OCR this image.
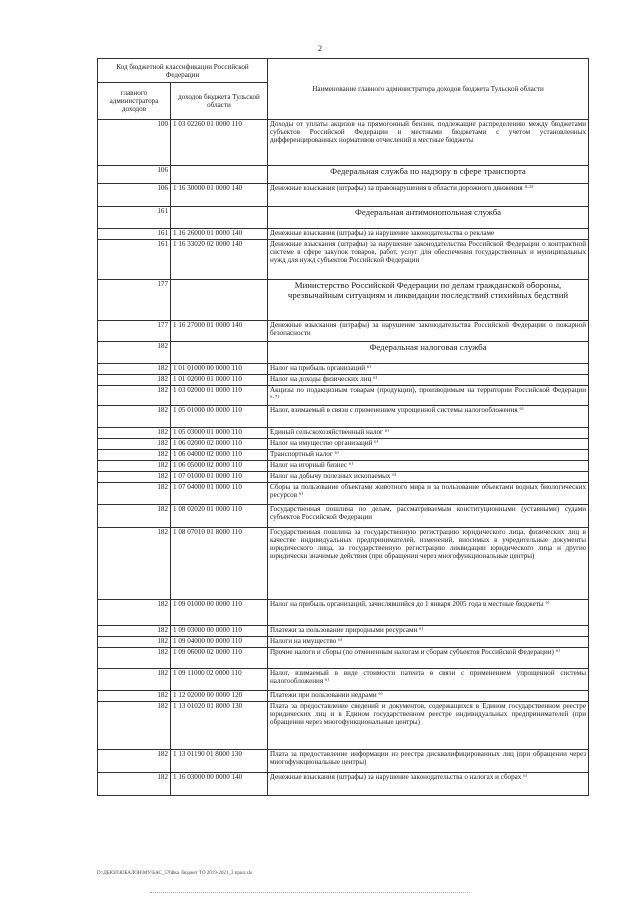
2
Код бюджетной классификации Российской Федерации		Наименование главного администратора доходов бюджета Тульской области
главного администратора доходов	доходов бюджета Тульской области	
100	1 03 02260 01 0000 110	Доходы от уплаты акцизов на прямогонный бензин, подлежащие распределению между бюджетами субъектов Российской Федерации и местными бюджетами с учетом установленных дифференцированных нормативов отчислений в местные бюджеты
106		Федеральная служба по надзору в сфере транспорта
106	1 16 30000 01 0000 140	Денежные взыскания (штрафы) за правонарушения в области дорожного движения ⁴·⁵⁾
161		Федеральная антимонопольная служба
161	1 16 26000 01 0000 140	Денежные взыскания (штрафы) за нарушение законодательства о рекламе
161	1 16 33020 02 0000 140	Денежные взыскания (штрафы) за нарушение законодательства Российской Федерации о контрактной системе в сфере закупок товаров, работ, услуг для обеспечения государственных и муниципальных нужд для нужд субъектов Российской Федерации
177		Министерство Российской Федерации по делам гражданской обороны, чрезвычайным ситуациям и ликвидации последствий стихийных бедствий
177	1 16 27000 01 0000 140	Денежные взыскания (штрафы) за нарушение законодательства Российской Федерации о пожарной безопасности
182		Федеральная налоговая служба
182	1 01 01000 00 0000 110	Налог на прибыль организаций ⁶⁾
182	1 01 02000 01 0000 110	Налог на доходы физических лиц ⁶⁾
182	1 03 02000 01 0000 110	Акцизы по подакцизным товарам (продукции), производимым на территории Российской Федерации ⁶·⁷⁾
182	1 05 01000 00 0000 110	Налог, взимаемый в связи с применением упрощенной системы налогообложения ⁶⁾
182	1 05 03000 01 0000 110	Единый сельскохозяйственный налог ⁶⁾
182	1 06 02000 02 0000 110	Налог на имущество организаций ⁶⁾
182	1 06 04000 02 0000 110	Транспортный налог ⁶⁾
182	1 06 05000 02 0000 110	Налог на игорный бизнес ⁶⁾
182	1 07 01000 01 0000 110	Налог на добычу полезных ископаемых ⁶⁾
182	1 07 04000 01 0000 110	Сборы за пользование объектами животного мира и за пользование объектами водных биологических ресурсов ⁶⁾
182	1 08 02020 01 0000 110	Государственная пошлина по делам, рассматриваемым конституционными (уставными) судами субъектов Российской Федерации
182	1 08 07010 01 8000 110	Государственная пошлина за государственную регистрацию юридического лица, физических лиц в качестве индивидуальных предпринимателей, изменений, вносимых в учредительные документы юридического лица, за государственную регистрацию ликвидации юридического лица и другие юридически значимые действия (при обращении через многофункциональные центры)
182	1 09 01000 00 0000 110	Налог на прибыль организаций, зачислявшийся до 1 января 2005 года в местные бюджеты ⁶⁾
182	1 09 03000 00 0000 110	Платежи за пользование природными ресурсами ⁶⁾
182	1 09 04000 00 0000 110	Налоги на имущество ⁶⁾
182	1 09 06000 02 0000 110	Прочие налоги и сборы (по отмененным налогам и сборам субъектов Российской Федерации) ⁶⁾
182	1 09 11000 02 0000 110	Налог, взимаемый в виде стоимости патента в связи с применением упрощенной системы налогообложения ⁶⁾
182	1 12 02000 00 0000 120	Платежи при пользовании недрами ⁶⁾
182	1 13 01020 01 8000 130	Плата за предоставление сведений и документов, содержащихся в Едином государственном реестре юридических лиц и в Едином государственном реестре индивидуальных предпринимателей (при обращении через многофункциональные центры)
182	1 13 01190 01 8000 130	Плата за предоставление информации из реестра дисквалифицированных лиц (при обращении через многофункциональные центры)
182	1 16 03000 00 0000 140	Денежные взыскания (штрафы) за нарушение законодательства о налогах и сборах ⁶⁾
D:\ДБЮЛ\ЮБАЛОН\МУ\БАС_5768ка. бюджет ТО 2019-2021_3 прил.xls
